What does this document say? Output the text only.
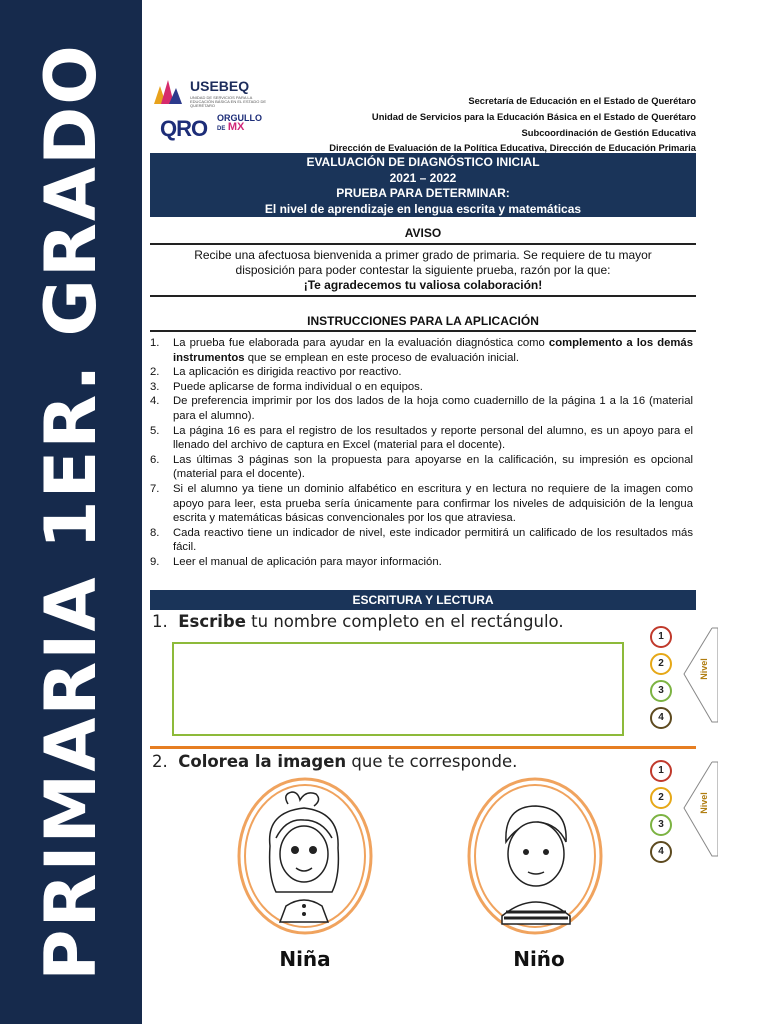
PRIMARIA 1ER. GRADO	USEBEQ
UNIDAD DE SERVICIOS PARA LA EDUCACIÓN BÁSICA EN EL ESTADO DE QUERÉTARO
QRO ORGULLO
DE MX
Secretaría de Educación en el Estado de Querétaro
Unidad de Servicios para la Educación Básica en el Estado de Querétaro
Subcoordinación de Gestión Educativa
Dirección de Evaluación de la Política Educativa, Dirección de Educación Primaria
EVALUACIÓN DE DIAGNÓSTICO INICIAL
2021 – 2022
PRUEBA PARA DETERMINAR:
El nivel de aprendizaje en lengua escrita y matemáticas
AVISO
Recibe una afectuosa bienvenida a primer grado de primaria. Se requiere de tu mayor
disposición para poder contestar la siguiente prueba, razón por la que:
¡Te agradecemos tu valiosa colaboración!
INSTRUCCIONES PARA LA APLICACIÓN
1. La prueba fue elaborada para ayudar en la evaluación diagnóstica como complemento a los demás instrumentos que se emplean en este proceso de evaluación inicial.
2. La aplicación es dirigida reactivo por reactivo.
3. Puede aplicarse de forma individual o en equipos.
4. De preferencia imprimir por los dos lados de la hoja como cuadernillo de la página 1 a la 16 (material para el alumno).
5. La página 16 es para el registro de los resultados y reporte personal del alumno, es un apoyo para el llenado del archivo de captura en Excel (material para el docente).
6. Las últimas 3 páginas son la propuesta para apoyarse en la calificación, su impresión es opcional (material para el docente).
7. Si el alumno ya tiene un dominio alfabético en escritura y en lectura no requiere de la imagen como apoyo para leer, esta prueba sería únicamente para confirmar los niveles de adquisición de la lengua escrita y matemáticas básicas convencionales por los que atraviesa.
8. Cada reactivo tiene un indicador de nivel, este indicador permitirá un calificado de los resultados más fácil.
9. Leer el manual de aplicación para mayor información.
ESCRITURA Y LECTURA
1. Escribe tu nombre completo en el rectángulo.
1
2
3
4
Nivel
2. Colorea la imagen que te corresponde.	1
2
3
4
Nivel
Niña	Niño
